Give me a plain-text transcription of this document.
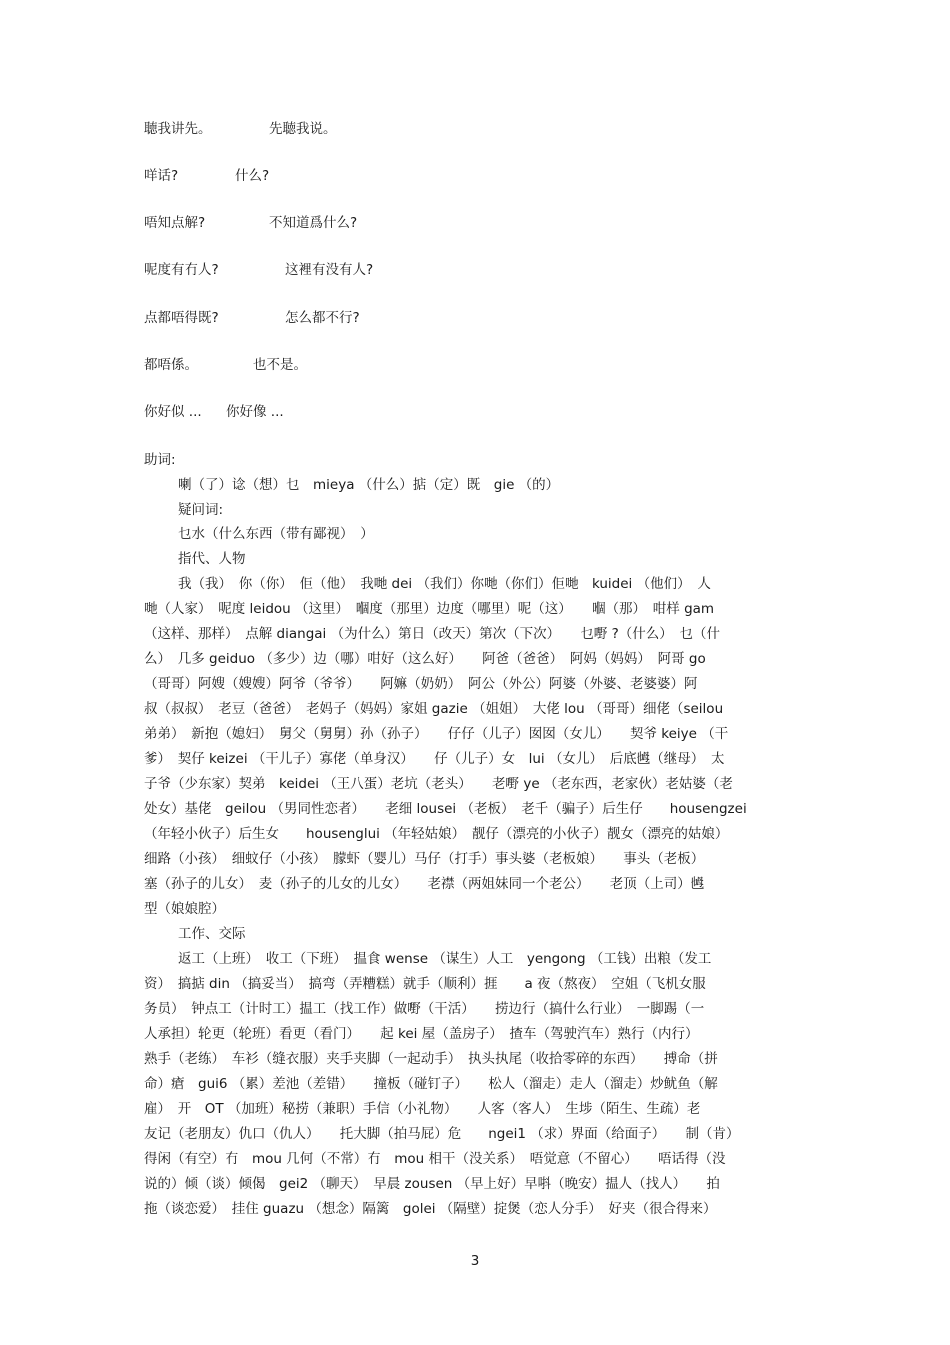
聴我讲先。	先聴我说。
咩话?	什么?
唔知点解?	不知道爲什么?
呢度有冇人?	这裡有没有人?
点都唔得既?	怎么都不行?
都唔係。	也不是。
你好似 ... 你好像 ...
助词:
喇（了）谂（想）乜　mieya （什么）掂（定）既　gie （的）
疑问词:
乜水（什么东西（带有鄙视）　）
指代、人物
我（我）　你（你）　佢（他）　我哋 dei （我们）你哋（你们）佢哋　kuidei （他们）　人
哋（人家）　呢度 leidou （这里）　嗰度（那里）边度（哪里）呢（这）　　嗰（那）　咁样 gam
（这样、那样）　点解 diangai （为什么）第日（改天）第次（下次）　　乜嘢 ?（什么）　乜（什
么）　几多 geiduo （多少）边（哪）咁好（这么好）　　阿爸（爸爸）　阿妈（妈妈）　阿哥 go
（哥哥）阿嫂（嫂嫂）阿爷（爷爷）　　阿嫲（奶奶）　阿公（外公）阿婆（外婆、老婆婆）阿
叔（叔叔）　老豆（爸爸）　老妈子（妈妈）家姐 gazie （姐姐）　大佬 lou （哥哥）细佬（seilou
弟弟）　新抱（媳妇）　舅父（舅舅）孙（孙子）　　仔仔（儿子）囡囡（女儿）　　契爷 keiye （干
爹）　契仔 keizei （干儿子）寡佬（单身汉）　　仔（儿子）女　lui （女儿）　后底乸（继母）　太
子爷（少东家）契弟　keidei （王八蛋）老坑（老头）　　老嘢 ye （老东西，老家伙）老姑婆（老
处女）基佬　geilou （男同性恋者）　　老细 lousei （老板）　老千（骗子）后生仔　　housengzei
（年轻小伙子）后生女　　housenglui （年轻姑娘）　靓仔（漂亮的小伙子）靓女（漂亮的姑娘）
细路（小孩）　细蚊仔（小孩）　朦虾（婴儿）马仔（打手）事头婆（老板娘）　　事头（老板）
塞（孙子的儿女）　麦（孙子的儿女的儿女）　　老襟（两姐妹同一个老公）　　老顶（上司）乸
型（娘娘腔）
工作、交际
返工（上班）　收工（下班）　揾食 wense （谋生）人工　yengong （工钱）出粮（发工
资）　搞掂 din （搞妥当）　搞弯（弄糟糕）就手（顺利）捱　　a 夜（熬夜）　空姐（飞机女服
务员）　钟点工（计时工）揾工（找工作）做嘢（干活）　　捞边行（搞什么行业）　一脚踢（一
人承担）轮更（轮班）看更（看门）　　起 kei 屋（盖房子）　揸车（驾驶汽车）熟行（内行）
熟手（老练）　车衫（缝衣服）夹手夹脚（一起动手）　执头执尾（收拾零碎的东西）　　搏命（拼
命）瘡　gui6 （累）差池（差错）　　撞板（碰钉子）　　松人（溜走）走人（溜走）炒鱿鱼（解
雇）　开　OT （加班）秘捞（兼职）手信（小礼物）　　人客（客人）　生埗（陌生、生疏）老
友记（老朋友）仇口（仇人）　　托大脚（拍马屁）危　　ngei1 （求）界面（给面子）　　制（肯）
得闲（有空）冇　mou 几何（不常）冇　mou 相干（没关系）　唔觉意（不留心）　　唔话得（没
说的）倾（谈）倾偈　gei2 （聊天）　早晨 zousen （早上好）早唞（晚安）揾人（找人）　　拍
拖（谈恋爱）　挂住 guazu （想念）隔篱　golei （隔壁）掟煲（恋人分手）　好夹（很合得来）
3
